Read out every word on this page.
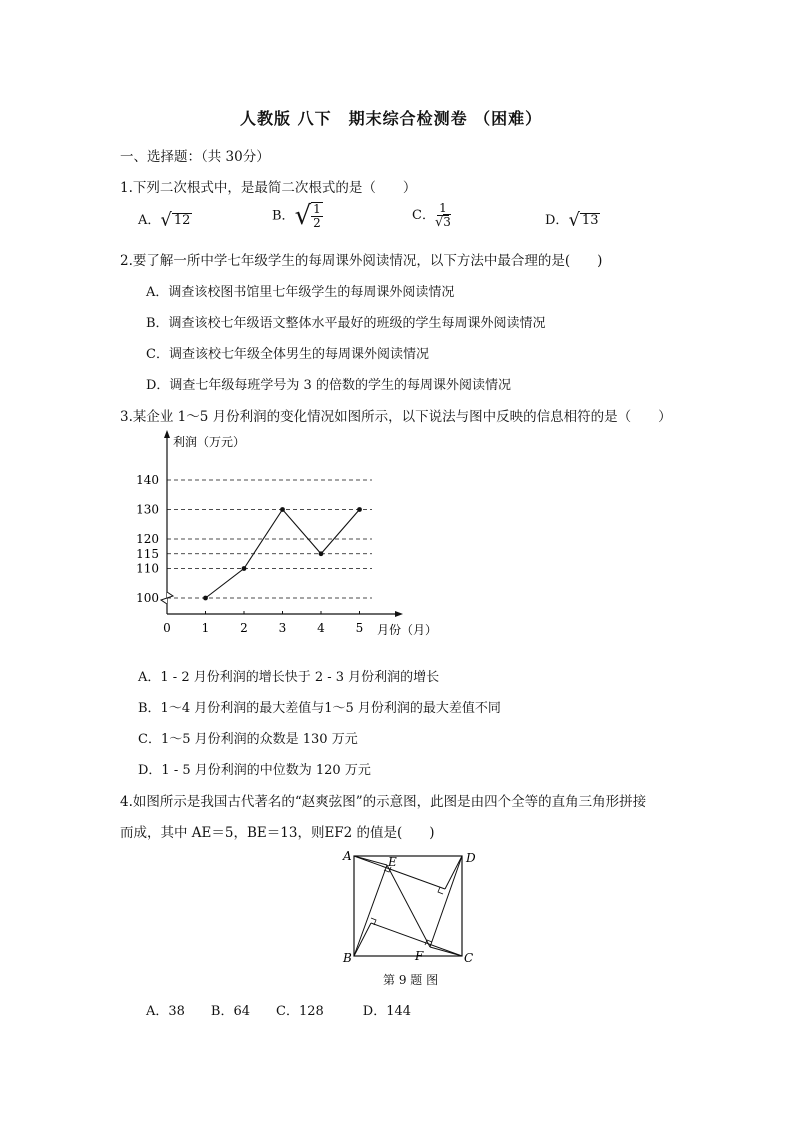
人教版 八下　期末综合检测卷 （困难）
一、选择题：（共 30分）
1.下列二次根式中，是最简二次根式的是（　　）
A．√ 12	B．√ $\frac{1}{2}$	C． $\frac{1}{√3}$	D．√ 13
2.要了解一所中学七年级学生的每周课外阅读情况，以下方法中最合理的是(　　)
A．调查该校图书馆里七年级学生的每周课外阅读情况
B．调查该校七年级语文整体水平最好的班级的学生每周课外阅读情况
C．调查该校七年级全体男生的每周课外阅读情况
D．调查七年级每班学号为 3 的倍数的学生的每周课外阅读情况
3.某企业 1～5 月份利润的变化情况如图所示，以下说法与图中反映的信息相符的是（　　）
100
110
115
120
130
140
0	1	2	3	4	5
利润（万元）
月份（月）
A．1 - 2 月份利润的增长快于 2 - 3 月份利润的增长
B．1～4 月份利润的最大差值与1～5 月份利润的最大差值不同
C．1～5 月份利润的众数是 130 万元
D．1 - 5 月份利润的中位数为 120 万元
4.如图所示是我国古代著名的“赵爽弦图”的示意图，此图是由四个全等的直角三角形拼接
而成，其中 AE＝5，BE＝13，则EF2 的值是(　　)
A	D
B	C
E
F
第 9 题 图
A．38　　B．64　　C．128　　　D．144
